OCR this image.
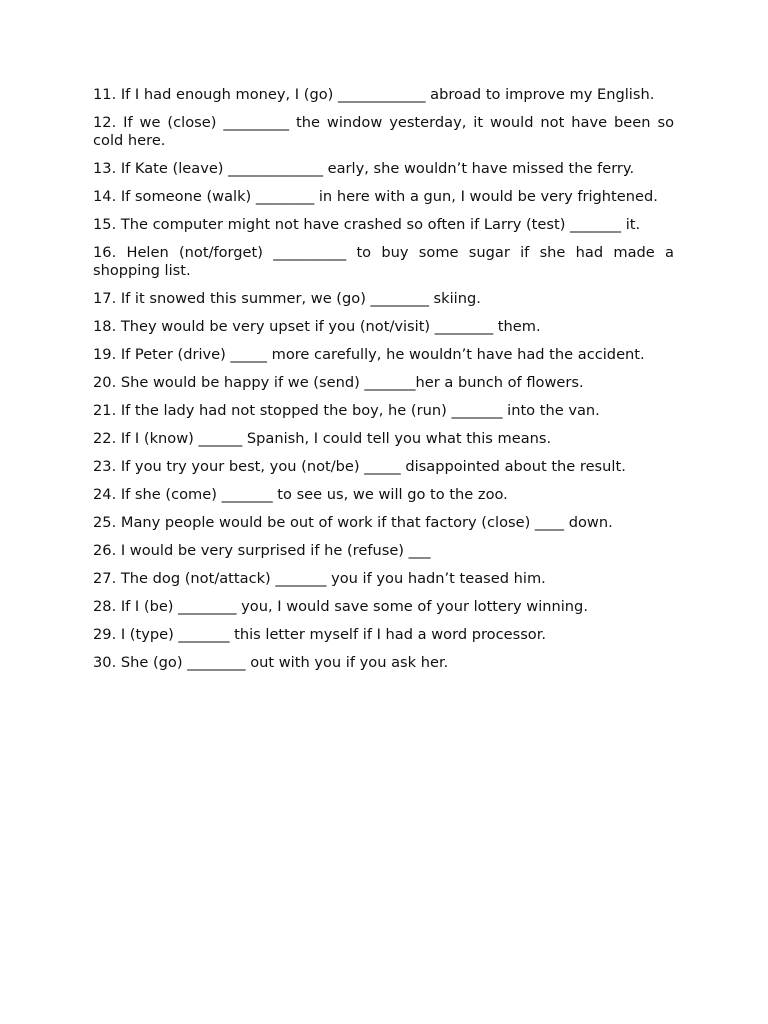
11. If I had enough money, I (go) ____________ abroad to improve my English.
12. If we (close) _________ the window yesterday, it would not have been so cold here.
13. If Kate (leave) _____________ early, she wouldn’t have missed the ferry.
14. If someone (walk) ________ in here with a gun, I would be very frightened.
15. The computer might not have crashed so often if Larry (test) _______ it.
16. Helen (not/forget) __________ to buy some sugar if she had made a shopping list.
17. If it snowed this summer, we (go) ________ skiing.
18. They would be very upset if you (not/visit) ________ them.
19. If Peter (drive) _____ more carefully, he wouldn’t have had the accident.
20. She would be happy if we (send) _______her a bunch of flowers.
21. If the lady had not stopped the boy, he (run) _______ into the van.
22. If I (know) ______ Spanish, I could tell you what this means.
23. If you try your best, you (not/be) _____ disappointed about the result.
24. If she (come) _______ to see us, we will go to the zoo.
25. Many people would be out of work if that factory (close) ____ down.
26. I would be very surprised if he (refuse) ___
27. The dog (not/attack) _______ you if you hadn’t teased him.
28. If I (be) ________ you, I would save some of your lottery winning.
29. I (type) _______ this letter myself if I had a word processor.
30. She (go) ________ out with you if you ask her.
